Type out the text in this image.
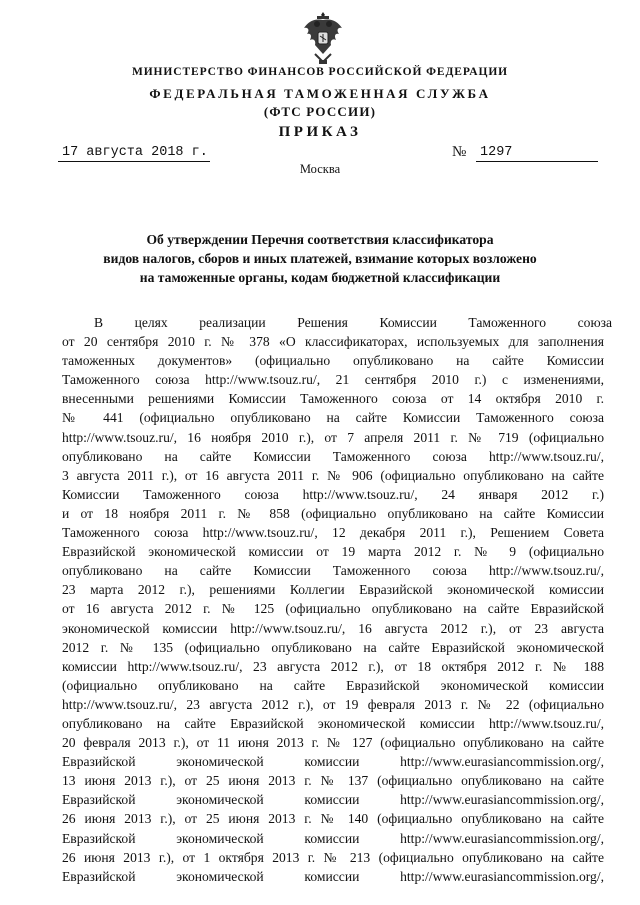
МИНИСТЕРСТВО ФИНАНСОВ РОССИЙСКОЙ ФЕДЕРАЦИИ
ФЕДЕРАЛЬНАЯ ТАМОЖЕННАЯ СЛУЖБА
(ФТС РОССИИ)
ПРИКАЗ
17 августа 2018 г.	№ 1297
Москва
Об утверждении Перечня соответствия классификатора
видов налогов, сборов и иных платежей, взимание которых возложено
на таможенные органы, кодам бюджетной классификации
В целях реализации Решения Комиссии Таможенного союза
от 20 сентября 2010 г. № 378 «О классификаторах, используемых для заполнения
таможенных документов» (официально опубликовано на сайте Комиссии
Таможенного союза http://www.tsouz.ru/, 21 сентября 2010 г.) с изменениями,
внесенными решениями Комиссии Таможенного союза от 14 октября 2010 г.
№ 441 (официально опубликовано на сайте Комиссии Таможенного союза
http://www.tsouz.ru/, 16 ноября 2010 г.), от 7 апреля 2011 г. № 719 (официально
опубликовано на сайте Комиссии Таможенного союза http://www.tsouz.ru/,
3 августа 2011 г.), от 16 августа 2011 г. № 906 (официально опубликовано на сайте
Комиссии Таможенного союза http://www.tsouz.ru/, 24 января 2012 г.)
и от 18 ноября 2011 г. № 858 (официально опубликовано на сайте Комиссии
Таможенного союза http://www.tsouz.ru/, 12 декабря 2011 г.), Решением Совета
Евразийской экономической комиссии от 19 марта 2012 г. № 9 (официально
опубликовано на сайте Комиссии Таможенного союза http://www.tsouz.ru/,
23 марта 2012 г.), решениями Коллегии Евразийской экономической комиссии
от 16 августа 2012 г. № 125 (официально опубликовано на сайте Евразийской
экономической комиссии http://www.tsouz.ru/, 16 августа 2012 г.), от 23 августа
2012 г. № 135 (официально опубликовано на сайте Евразийской экономической
комиссии http://www.tsouz.ru/, 23 августа 2012 г.), от 18 октября 2012 г. № 188
(официально опубликовано на сайте Евразийской экономической комиссии
http://www.tsouz.ru/, 23 августа 2012 г.), от 19 февраля 2013 г. № 22 (официально
опубликовано на сайте Евразийской экономической комиссии http://www.tsouz.ru/,
20 февраля 2013 г.), от 11 июня 2013 г. № 127 (официально опубликовано на сайте
Евразийской экономической комиссии http://www.eurasiancommission.org/,
13 июня 2013 г.), от 25 июня 2013 г. № 137 (официально опубликовано на сайте
Евразийской экономической комиссии http://www.eurasiancommission.org/,
26 июня 2013 г.), от 25 июня 2013 г. № 140 (официально опубликовано на сайте
Евразийской экономической комиссии http://www.eurasiancommission.org/,
26 июня 2013 г.), от 1 октября 2013 г. № 213 (официально опубликовано на сайте
Евразийской экономической комиссии http://www.eurasiancommission.org/,
